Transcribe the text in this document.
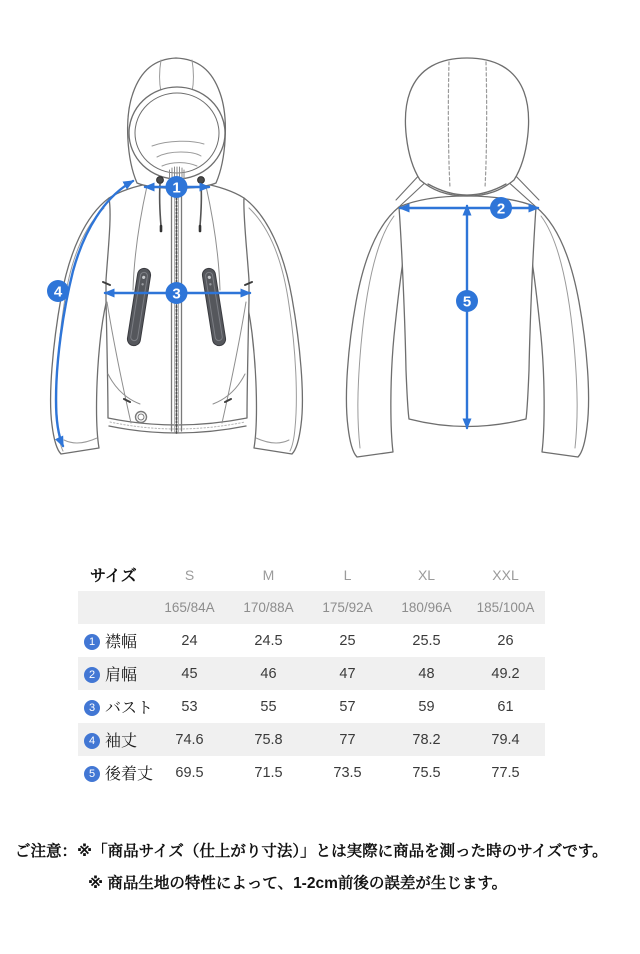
1
3
4
2
5
サイズ	S	M	L	XL	XXL
	165/84A	170/88A	175/92A	180/96A	185/100A
1 襟幅	24	24.5	25	25.5	26
2 肩幅	45	46	47	48	49.2
3 バスト	53	55	57	59	61
4 袖丈	74.6	75.8	77	78.2	79.4
5 後着丈	69.5	71.5	73.5	75.5	77.5

ご注意：※「商品サイズ（仕上がり寸法）」とは実際に商品を測った時のサイズです。

※ 商品生地の特性によって、1-2cm前後の誤差が生じます。
